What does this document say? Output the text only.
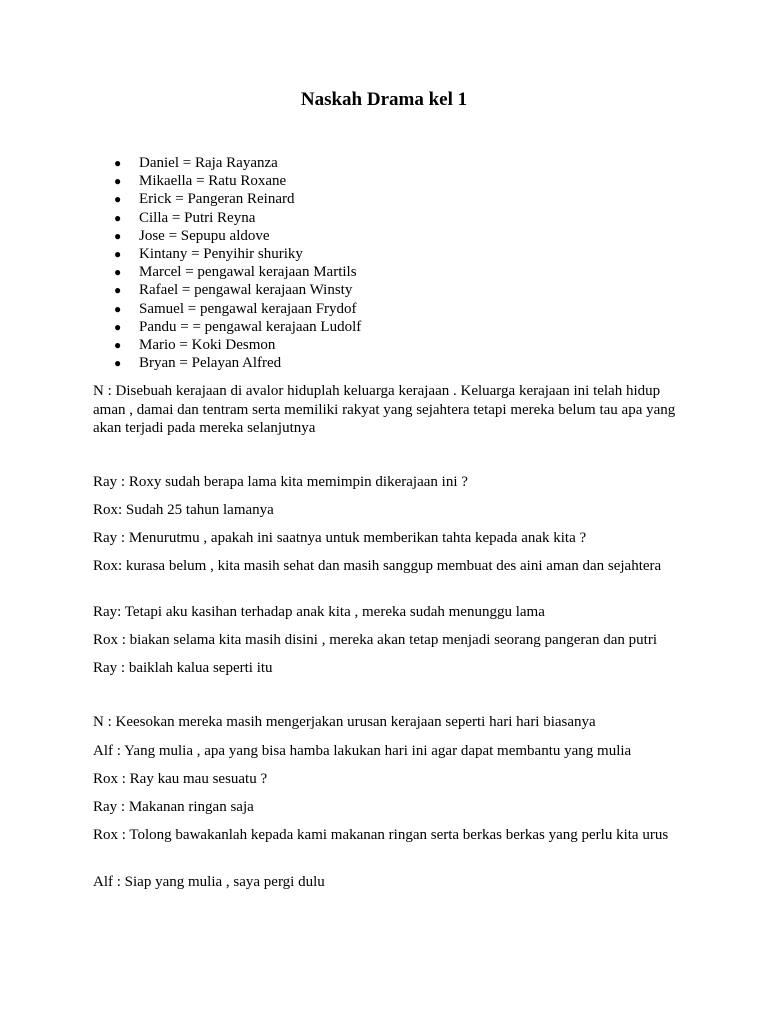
Naskah Drama kel 1
● Daniel = Raja Rayanza
● Mikaella = Ratu Roxane
● Erick = Pangeran Reinard
● Cilla = Putri Reyna
● Jose = Sepupu aldove
● Kintany = Penyihir shuriky
● Marcel = pengawal kerajaan Martils
● Rafael = pengawal kerajaan Winsty
● Samuel = pengawal kerajaan Frydof
● Pandu = = pengawal kerajaan Ludolf
● Mario = Koki Desmon
● Bryan = Pelayan Alfred

N : Disebuah kerajaan di avalor hiduplah keluarga kerajaan . Keluarga kerajaan ini telah hidup aman , damai dan tentram serta memiliki rakyat yang sejahtera tetapi mereka belum tau apa yang akan terjadi pada mereka selanjutnya

Ray : Roxy sudah berapa lama kita memimpin dikerajaan ini ?

Rox: Sudah 25 tahun lamanya

Ray : Menurutmu , apakah ini saatnya untuk memberikan tahta kepada anak kita ?

Rox: kurasa belum , kita masih sehat dan masih sanggup membuat des aini aman dan sejahtera

Ray: Tetapi aku kasihan terhadap anak kita , mereka sudah menunggu lama

Rox : biakan selama kita masih disini , mereka akan tetap menjadi seorang pangeran dan putri

Ray : baiklah kalua seperti itu

N : Keesokan mereka masih mengerjakan urusan kerajaan seperti hari hari biasanya

Alf : Yang mulia , apa yang bisa hamba lakukan hari ini agar dapat membantu yang mulia

Rox : Ray kau mau sesuatu ?

Ray : Makanan ringan saja

Rox : Tolong bawakanlah kepada kami makanan ringan serta berkas berkas yang perlu kita urus

Alf : Siap yang mulia , saya pergi dulu
